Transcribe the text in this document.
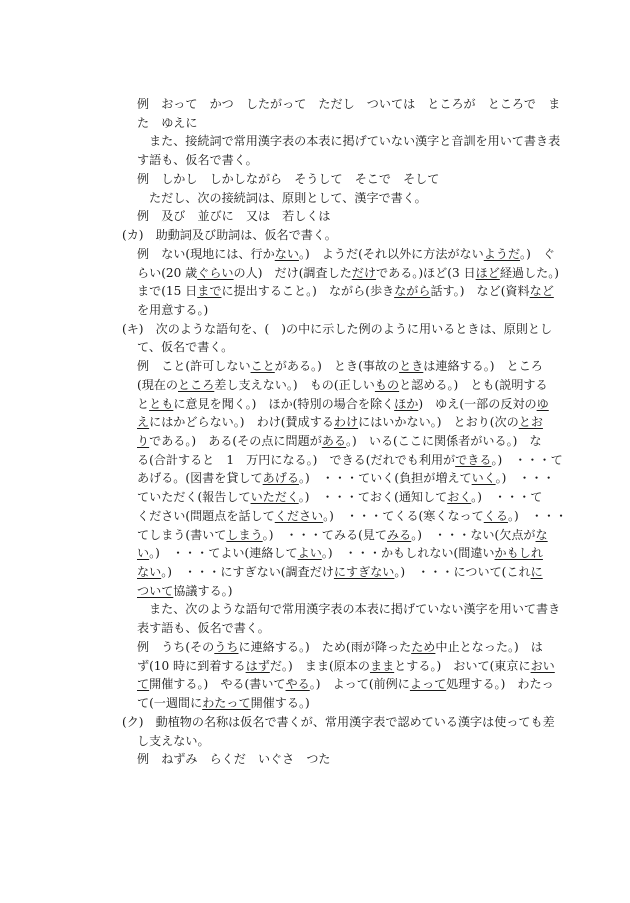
例　おって　かつ　したがって　ただし　ついては　ところが　ところで　ま
た　ゆえに
また、接続詞で常用漢字表の本表に掲げていない漢字と音訓を用いて書き表
す語も、仮名で書く。
例　しかし　しかしながら　そうして　そこで　そして
ただし、次の接続詞は、原則として、漢字で書く。
例　及び　並びに　又は　若しくは
(カ)　助動詞及び助詞は、仮名で書く。
例　ない(現地には、行かない。)　ようだ(それ以外に方法がないようだ。)　ぐ
らい(20 歳ぐらいの人)　だけ(調査しただけである。)ほど(3 日ほど経過した。)
まで(15 日までに提出すること。)　ながら(歩きながら話す。)　など(資料など
を用意する。)
(キ)　次のような語句を、(　)の中に示した例のように用いるときは、原則とし
て、仮名で書く。
例　こと(許可しないことがある。)　とき(事故のときは連絡する。)　ところ
(現在のところ差し支えない。)　もの(正しいものと認める。)　とも(説明する
とともに意見を聞く。)　ほか(特別の場合を除くほか)　ゆえ(一部の反対のゆ
えにはかどらない。)　わけ(賛成するわけにはいかない。)　とおり(次のとお
りである。)　ある(その点に問題がある。)　いる(ここに関係者がいる。)　な
る(合計すると　1　万円になる。)　できる(だれでも利用ができる。)　・・・て
あげる。(図書を貸してあげる。)　・・・ていく(負担が増えていく。)　・・・
ていただく(報告していただく。)　・・・ておく(通知しておく。)　・・・て
ください(問題点を話してください。)　・・・てくる(寒くなってくる。)　・・・
てしまう(書いてしまう。)　・・・てみる(見てみる。)　・・・ない(欠点がな
い。)　・・・てよい(連絡してよい。)　・・・かもしれない(間違いかもしれ
ない。)　・・・にすぎない(調査だけにすぎない。)　・・・について(これに
ついて協議する。)
また、次のような語句で常用漢字表の本表に掲げていない漢字を用いて書き
表す語も、仮名で書く。
例　うち(そのうちに連絡する。)　ため(雨が降ったため中止となった。)　は
ず(10 時に到着するはずだ。)　まま(原本のままとする。)　おいて(東京におい
て開催する。)　やる(書いてやる。)　よって(前例によって処理する。)　わたっ
て(一週間にわたって開催する。)
(ク)　動植物の名称は仮名で書くが、常用漢字表で認めている漢字は使っても差
し支えない。
例　ねずみ　らくだ　いぐさ　つた
